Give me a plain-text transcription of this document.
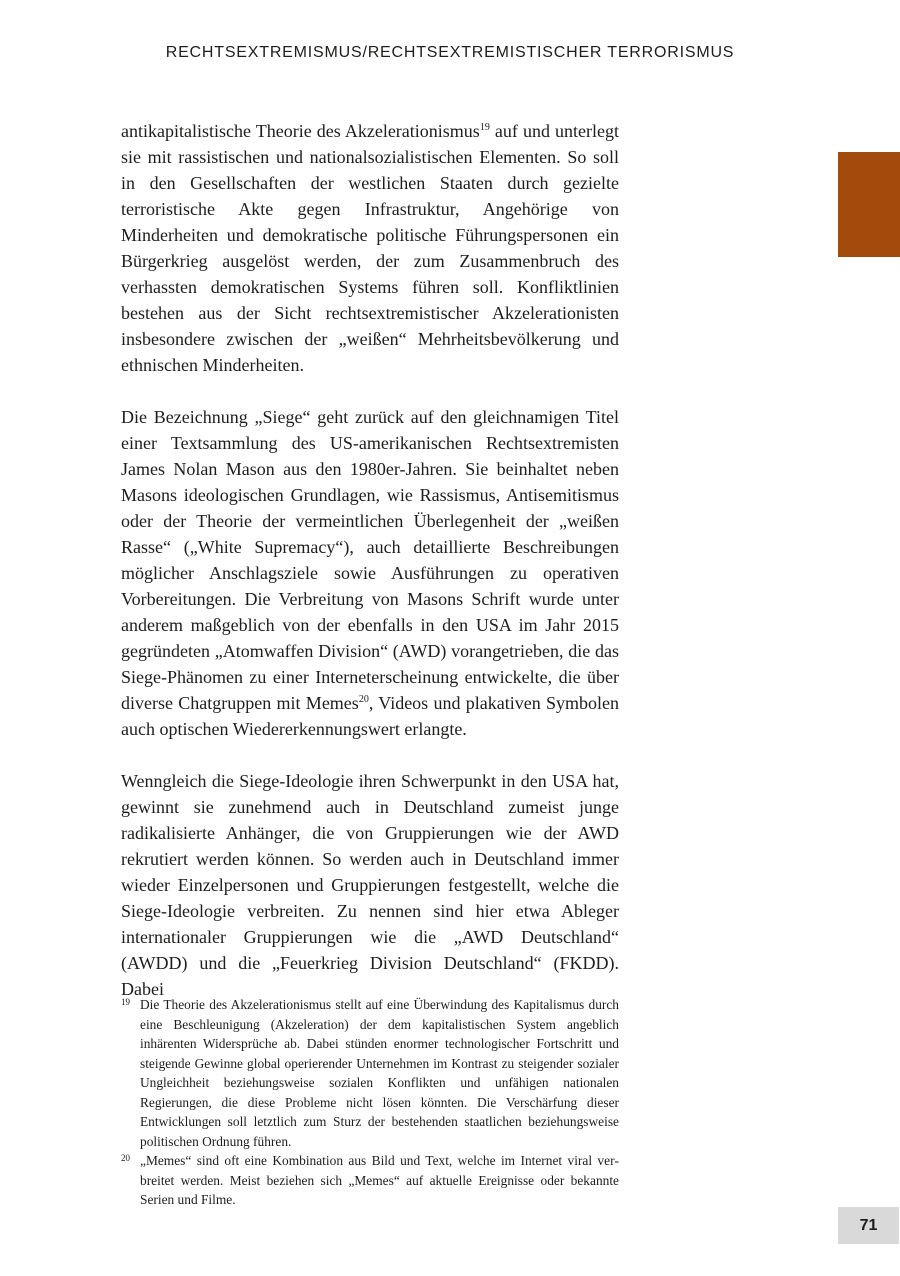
RECHTSEXTREMISMUS/RECHTSEXTREMISTISCHER TERRORISMUS

antikapitalistische Theorie des Akzelerationismus$^{19}$ auf und unterlegt sie mit rassistischen und nationalsozialistischen Elementen. So soll in den Gesellschaften der westlichen Staaten durch gezielte terroristische Akte gegen Infrastruktur, Angehörige von Minderheiten und demokratische politische Führungspersonen ein Bürgerkrieg ausgelöst werden, der zum Zusammenbruch des verhassten demokratischen Systems führen soll. Konfliktlinien bestehen aus der Sicht rechtsextremistischer Akzelerationisten insbesondere zwischen der „weißen“ Mehrheitsbevölkerung und ethnischen Minderheiten.

Die Bezeichnung „Siege“ geht zurück auf den gleichnamigen Titel einer Textsammlung des US-amerikanischen Rechtsextremisten James Nolan Mason aus den 1980er-Jahren. Sie beinhaltet neben Masons ideologischen Grundlagen, wie Rassismus, Antisemitismus oder der Theorie der vermeintlichen Überlegenheit der „weißen Rasse“ („White Supremacy“), auch detaillierte Beschreibungen möglicher Anschlagsziele sowie Ausführungen zu operativen Vorbereitungen. Die Verbreitung von Masons Schrift wurde unter anderem maßgeblich von der ebenfalls in den USA im Jahr 2015 gegründeten „Atomwaffen Division“ (AWD) vorangetrieben, die das Siege-Phänomen zu einer Interneterscheinung entwickelte, die über diverse Chatgruppen mit Memes$^{20}$, Videos und plakativen Symbolen auch optischen Wiedererkennungswert erlangte.

Wenngleich die Siege-Ideologie ihren Schwerpunkt in den USA hat, gewinnt sie zunehmend auch in Deutschland zumeist junge radikalisierte Anhänger, die von Gruppierungen wie der AWD rekrutiert werden können. So werden auch in Deutschland immer wieder Einzelpersonen und Gruppierungen festgestellt, welche die Siege-Ideologie verbreiten. Zu nennen sind hier etwa Ableger internationaler Gruppierungen wie die „AWD Deutschland“ (AWDD) und die „Feuerkrieg Division Deutschland“ (FKDD). Dabei

19 Die Theorie des Akzelerationismus stellt auf eine Überwindung des Kapitalismus durch eine Beschleunigung (Akzeleration) der dem kapitalistischen System angeblich inhärenten Widersprüche ab. Dabei stünden enormer technologischer Fortschritt und steigende Gewinne global operierender Unternehmen im Kontrast zu steigender sozialer Ungleichheit beziehungsweise sozialen Konflikten und unfähigen nationalen Regierungen, die diese Probleme nicht lösen könnten. Die Verschärfung dieser Entwicklungen soll letztlich zum Sturz der bestehenden staatlichen beziehungsweise politischen Ordnung führen.
20 „Memes“ sind oft eine Kombination aus Bild und Text, welche im Internet viral verbreitet werden. Meist beziehen sich „Memes“ auf aktuelle Ereignisse oder bekannte Serien und Filme.
71
